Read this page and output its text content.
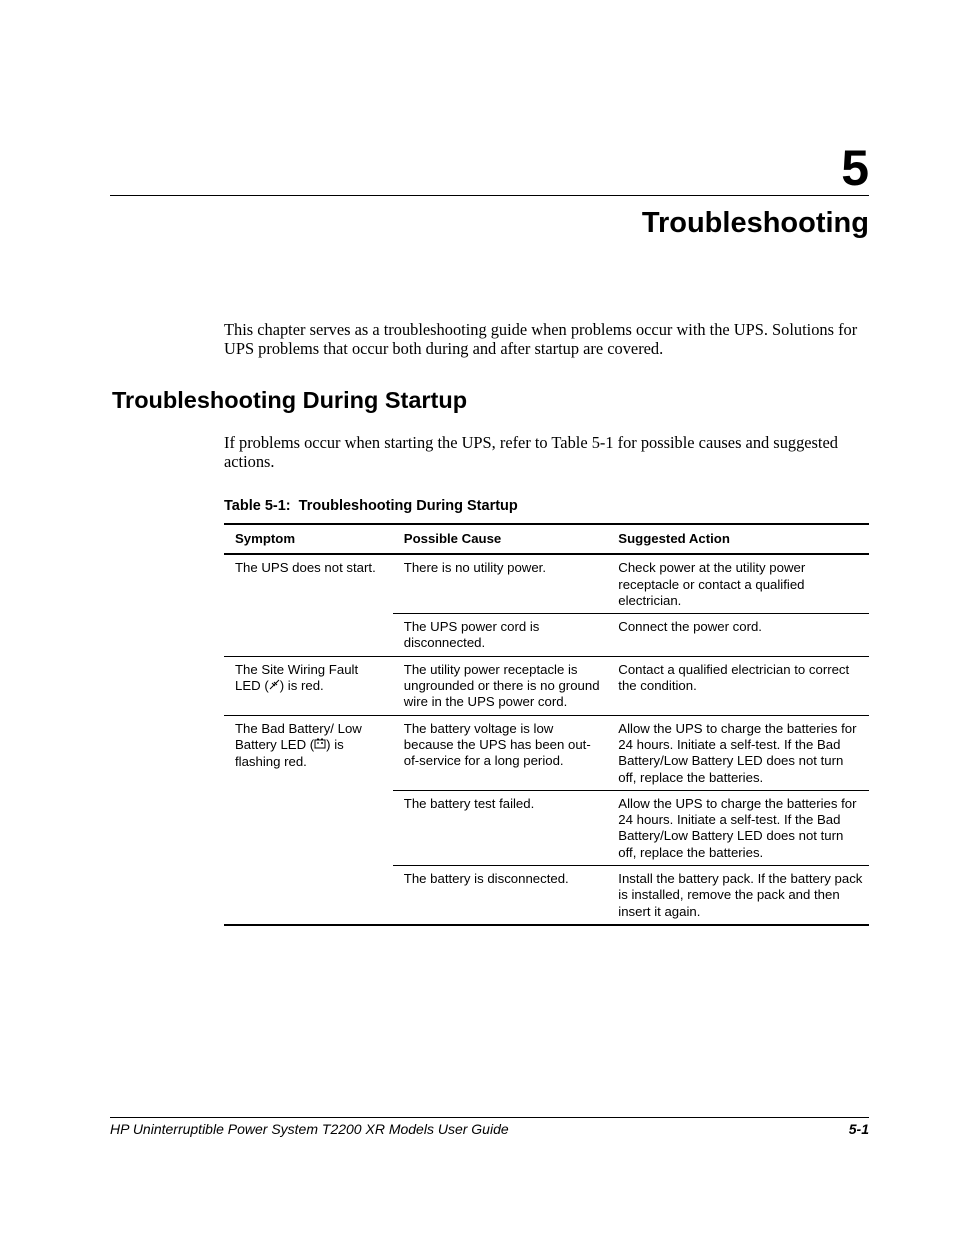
5
Troubleshooting

This chapter serves as a troubleshooting guide when problems occur with the UPS. Solutions for UPS problems that occur both during and after startup are covered.

Troubleshooting During Startup

If problems occur when starting the UPS, refer to Table 5-1 for possible causes and suggested actions.

Table 5-1:  Troubleshooting During Startup
Symptom	Possible Cause	Suggested Action
The UPS does not start.	There is no utility power.	Check power at the utility power receptacle or contact a qualified electrician.
	The UPS power cord is disconnected.	Connect the power cord.
The Site Wiring Fault LED ( ) is red.	The utility power receptacle is ungrounded or there is no ground wire in the UPS power cord.	Contact a qualified electrician to correct the condition.
The Bad Battery/ Low Battery LED ( ) is flashing red.	The battery voltage is low because the UPS has been out-of-service for a long period.	Allow the UPS to charge the batteries for 24 hours. Initiate a self-test. If the Bad Battery/Low Battery LED does not turn off, replace the batteries.
	The battery test failed.	Allow the UPS to charge the batteries for 24 hours. Initiate a self-test. If the Bad Battery/Low Battery LED does not turn off, replace the batteries.
	The battery is disconnected.	Install the battery pack. If the battery pack is installed, remove the pack and then insert it again.
HP Uninterruptible Power System T2200 XR Models User Guide	5-1
